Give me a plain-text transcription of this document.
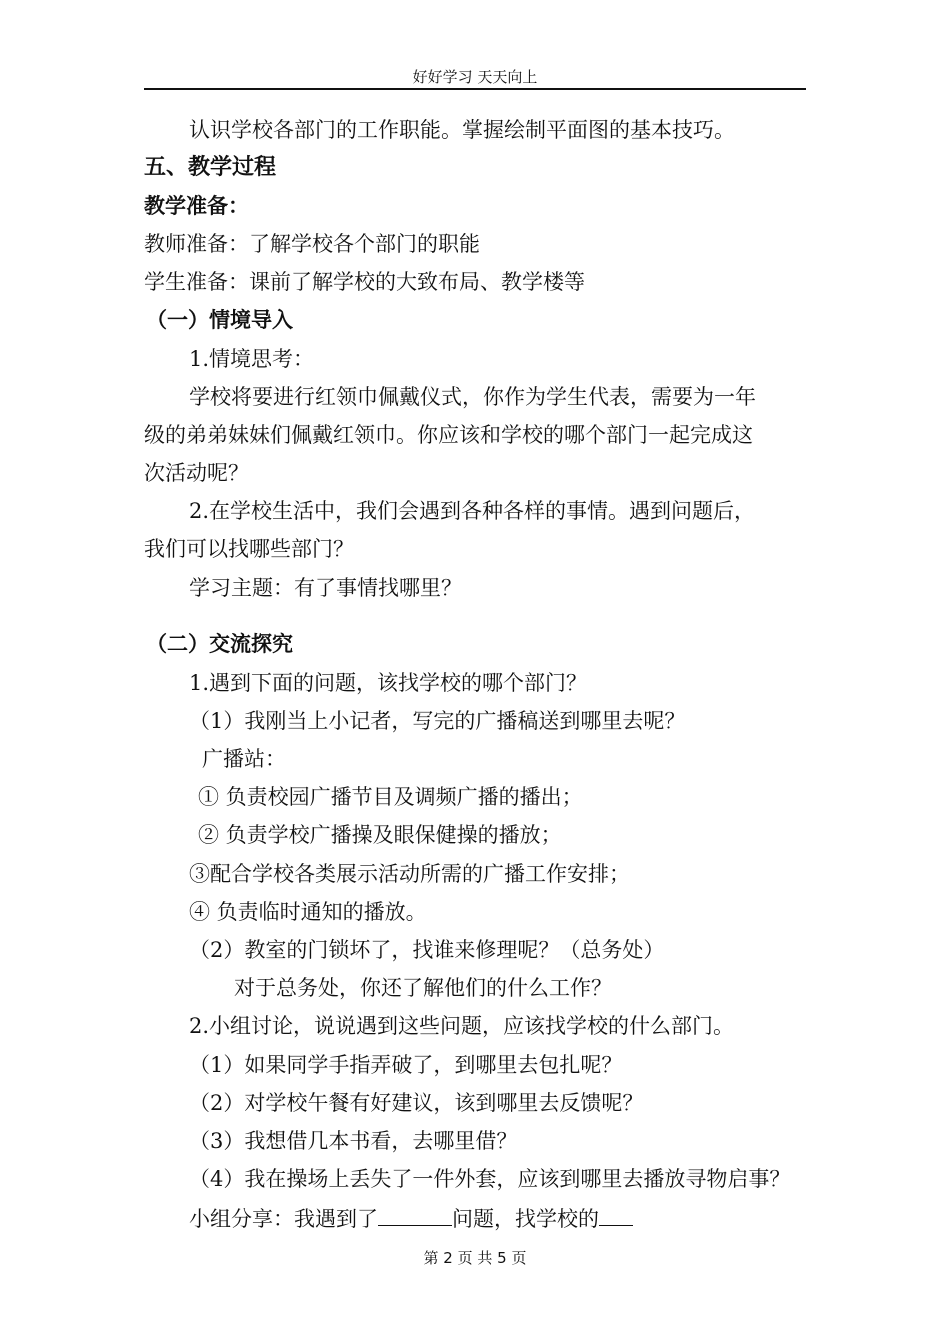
好好学习 天天向上
认识学校各部门的工作职能。掌握绘制平面图的基本技巧。
五、教学过程
教学准备：
教师准备：了解学校各个部门的职能
学生准备：课前了解学校的大致布局、教学楼等
（一）情境导入
1.情境思考：
学校将要进行红领巾佩戴仪式，你作为学生代表，需要为一年
级的弟弟妹妹们佩戴红领巾。你应该和学校的哪个部门一起完成这
次活动呢？
2.在学校生活中，我们会遇到各种各样的事情。遇到问题后，
我们可以找哪些部门？
学习主题：有了事情找哪里？
（二）交流探究
1.遇到下面的问题，该找学校的哪个部门？
（1）我刚当上小记者，写完的广播稿送到哪里去呢？
广播站：
① 负责校园广播节目及调频广播的播出；
② 负责学校广播操及眼保健操的播放；
③配合学校各类展示活动所需的广播工作安排；
④ 负责临时通知的播放。
（2）教室的门锁坏了，找谁来修理呢？（总务处）
对于总务处，你还了解他们的什么工作？
2.小组讨论，说说遇到这些问题，应该找学校的什么部门。
（1）如果同学手指弄破了，到哪里去包扎呢？
（2）对学校午餐有好建议，该到哪里去反馈呢？
（3）我想借几本书看，去哪里借？
（4）我在操场上丢失了一件外套，应该到哪里去播放寻物启事？
小组分享：我遇到了	问题，找学校的
第 2 页 共 5 页
